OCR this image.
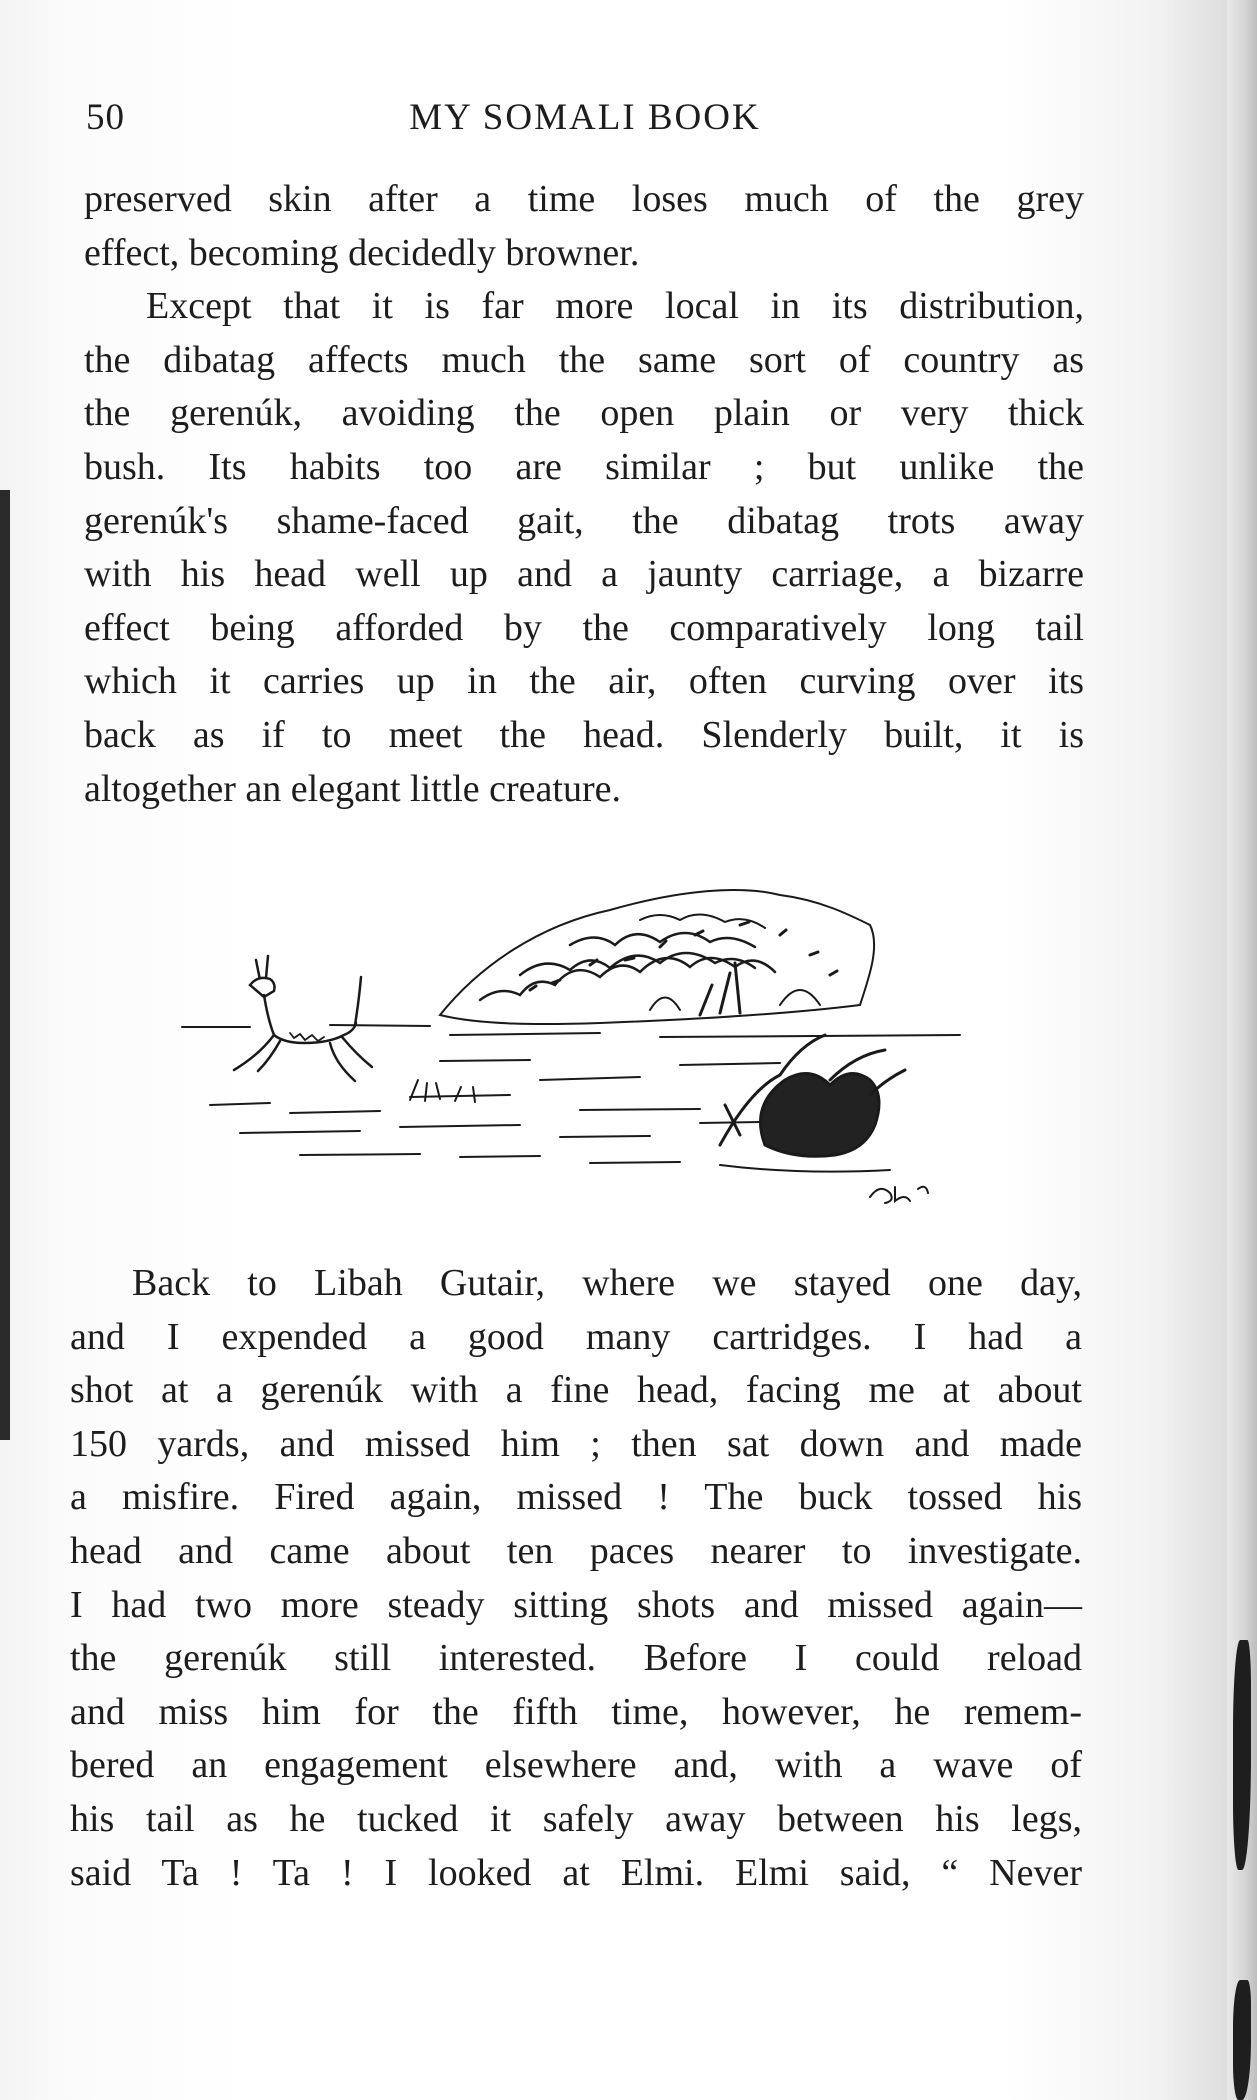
50	MY SOMALI BOOK
preserved skin after a time loses much of the grey
effect, becoming decidedly browner.
Except that it is far more local in its distribution,
the dibatag affects much the same sort of country as
the gerenúk, avoiding the open plain or very thick
bush. Its habits too are similar ; but unlike the
gerenúk's shame-faced gait, the dibatag trots away
with his head well up and a jaunty carriage, a bizarre
effect being afforded by the comparatively long tail
which it carries up in the air, often curving over its
back as if to meet the head. Slenderly built, it is
altogether an elegant little creature.
Back to Libah Gutair, where we stayed one day,
and I expended a good many cartridges. I had a
shot at a gerenúk with a fine head, facing me at about
150 yards, and missed him ; then sat down and made
a misfire. Fired again, missed ! The buck tossed his
head and came about ten paces nearer to investigate.
I had two more steady sitting shots and missed again—
the gerenúk still interested. Before I could reload
and miss him for the fifth time, however, he remem-
bered an engagement elsewhere and, with a wave of
his tail as he tucked it safely away between his legs,
said Ta ! Ta ! I looked at Elmi. Elmi said, “ Never
